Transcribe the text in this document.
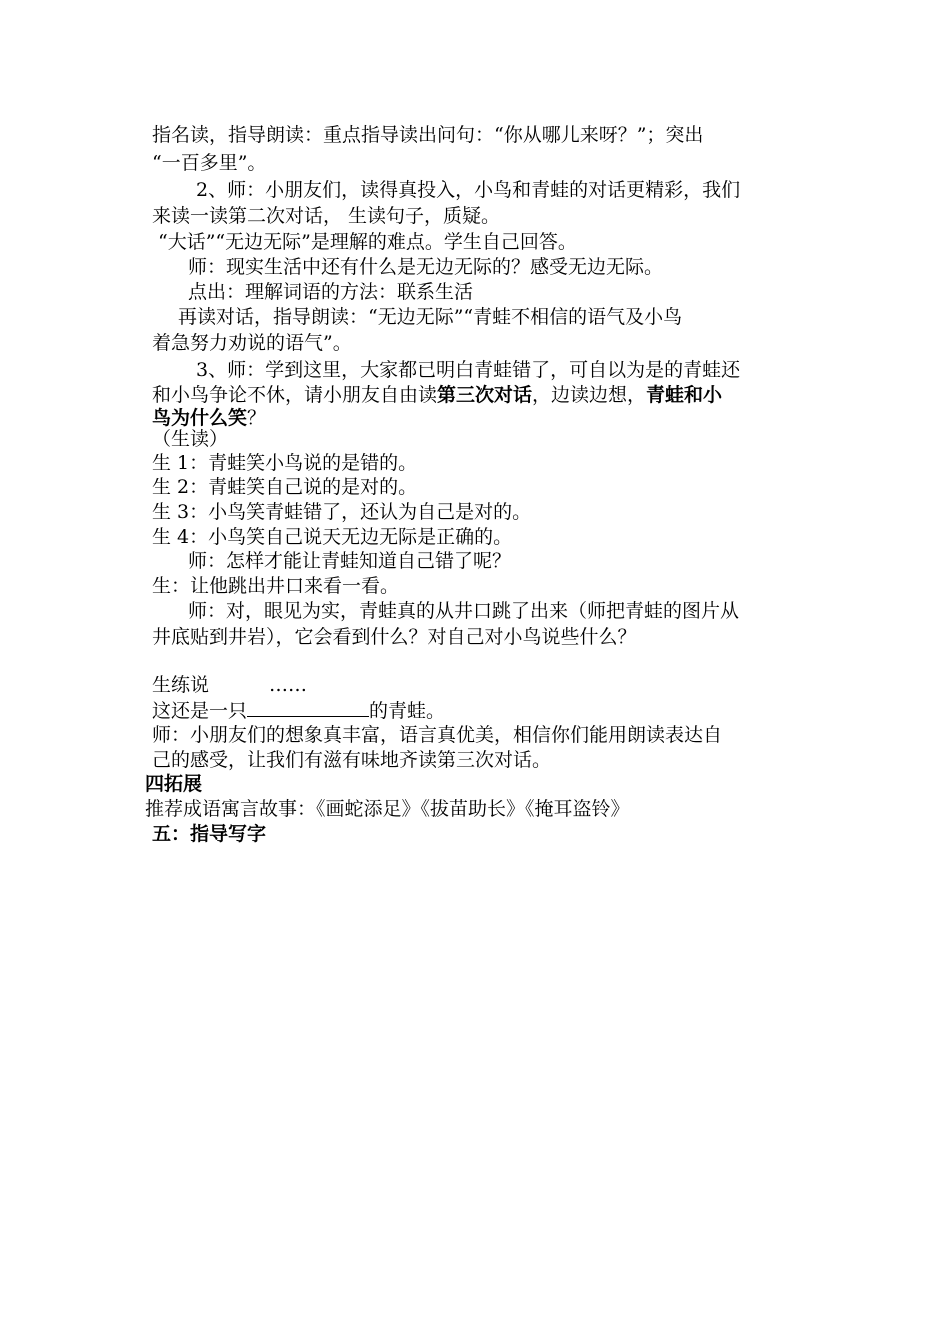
指名读，指导朗读：重点指导读出问句：“你从哪儿来呀？”；突出
“一百多里”。
2、师：小朋友们，读得真投入，小鸟和青蛙的对话更精彩，我们
来读一读第二次对话， 生读句子，质疑。
“大话”“无边无际”是理解的难点。学生自己回答。
师：现实生活中还有什么是无边无际的？感受无边无际。
点出：理解词语的方法：联系生活
再读对话，指导朗读：“无边无际”“青蛙不相信的语气及小鸟
着急努力劝说的语气”。
3、师：学到这里，大家都已明白青蛙错了，可自以为是的青蛙还
和小鸟争论不休，请小朋友自由读第三次对话，边读边想，青蛙和小
鸟为什么笑？
（生读）
生 1：青蛙笑小鸟说的是错的。
生 2：青蛙笑自己说的是对的。
生 3：小鸟笑青蛙错了，还认为自己是对的。
生 4：小鸟笑自己说天无边无际是正确的。
师：怎样才能让青蛙知道自己错了呢？
生：让他跳出井口来看一看。
师：对，眼见为实，青蛙真的从井口跳了出来（师把青蛙的图片从
井底贴到井岩），它会看到什么？对自己对小鸟说些什么？
生练说	……
这还是一只	的青蛙。
师：小朋友们的想象真丰富，语言真优美，相信你们能用朗读表达自
己的感受，让我们有滋有味地齐读第三次对话。
四拓展
推荐成语寓言故事：《画蛇添足》《拔苗助长》《掩耳盗铃》
五：指导写字
